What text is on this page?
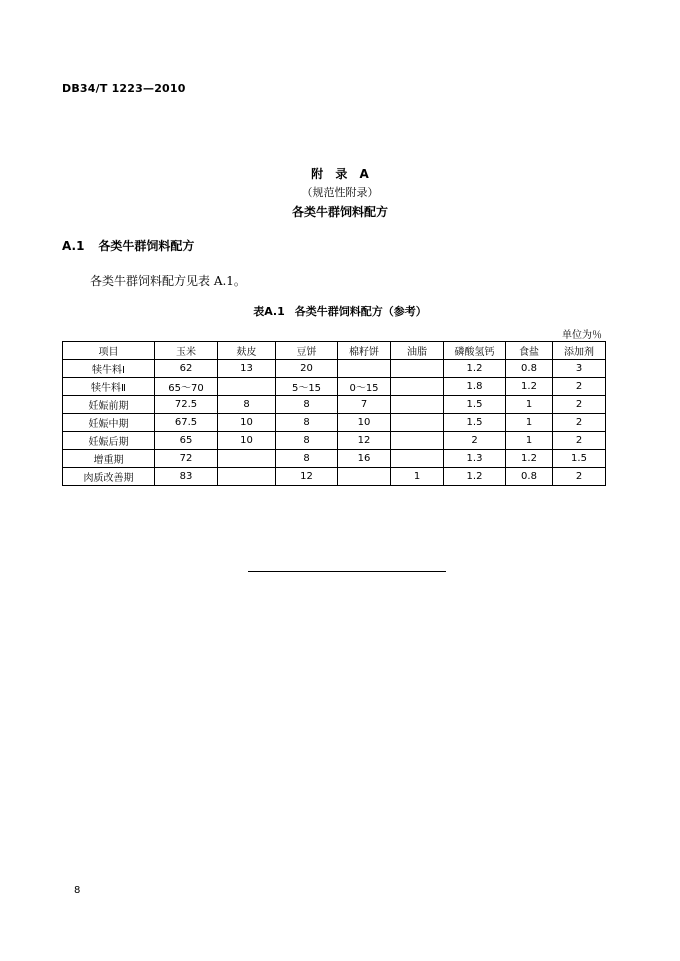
DB34/T 1223—2010
附 录 A
（规范性附录）
各类牛群饲料配方
A.1 各类牛群饲料配方
各类牛群饲料配方见表 A.1。
表A.1 各类牛群饲料配方（参考）
单位为％
项目	玉米	麸皮	豆饼	棉籽饼	油脂	磷酸氢钙	食盐	添加剂
犊牛料Ⅰ	62	13	20			1.2	0.8	3
犊牛料Ⅱ	65～70		5～15	0～15		1.8	1.2	2
妊娠前期	72.5	8	8	7		1.5	1	2
妊娠中期	67.5	10	8	10		1.5	1	2
妊娠后期	65	10	8	12		2	1	2
增重期	72		8	16		1.3	1.2	1.5
肉质改善期	83		12		1	1.2	0.8	2
8
